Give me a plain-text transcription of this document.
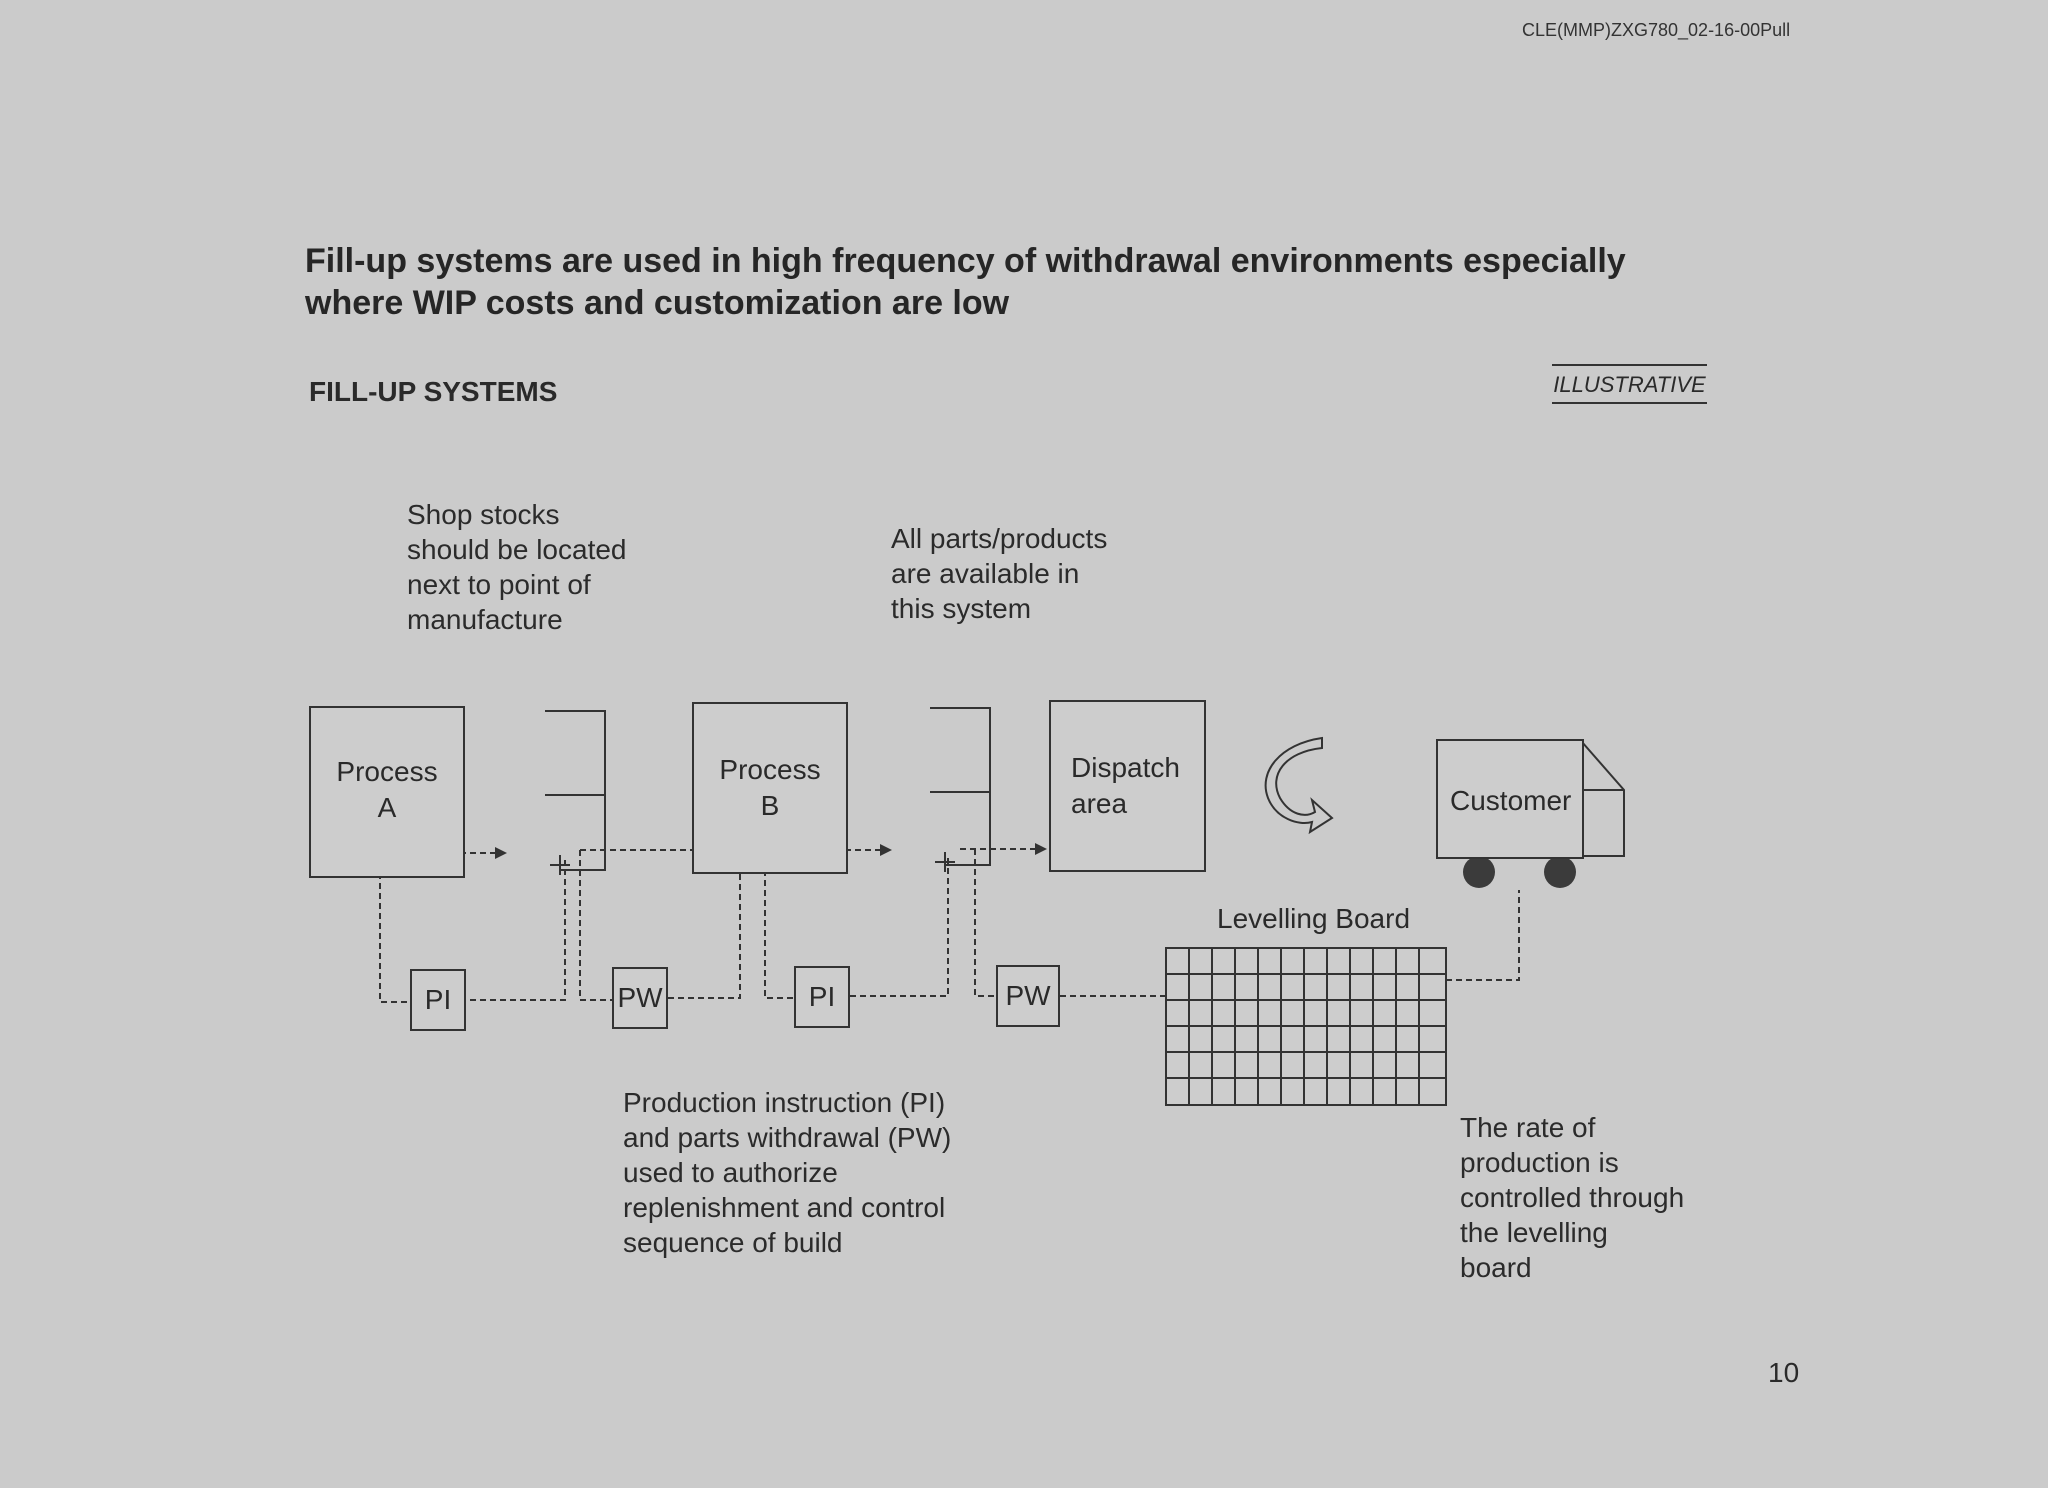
CLE(MMP)ZXG780_02-16-00Pull
Fill-up systems are used in high frequency of withdrawal environments especially
where WIP costs and customization are low
FILL-UP SYSTEMS	ILLUSTRATIVE
Shop stocks
should be located
next to point of
manufacture
All parts/products
are available in
this system
Production instruction (PI)
and parts withdrawal (PW)
used to authorize
replenishment and control
sequence of build
The rate of
production is
controlled through
the levelling
board
Process
A
Process
B
Dispatch
area	Customer
PI	PW	PI	PW
Levelling Board
10
